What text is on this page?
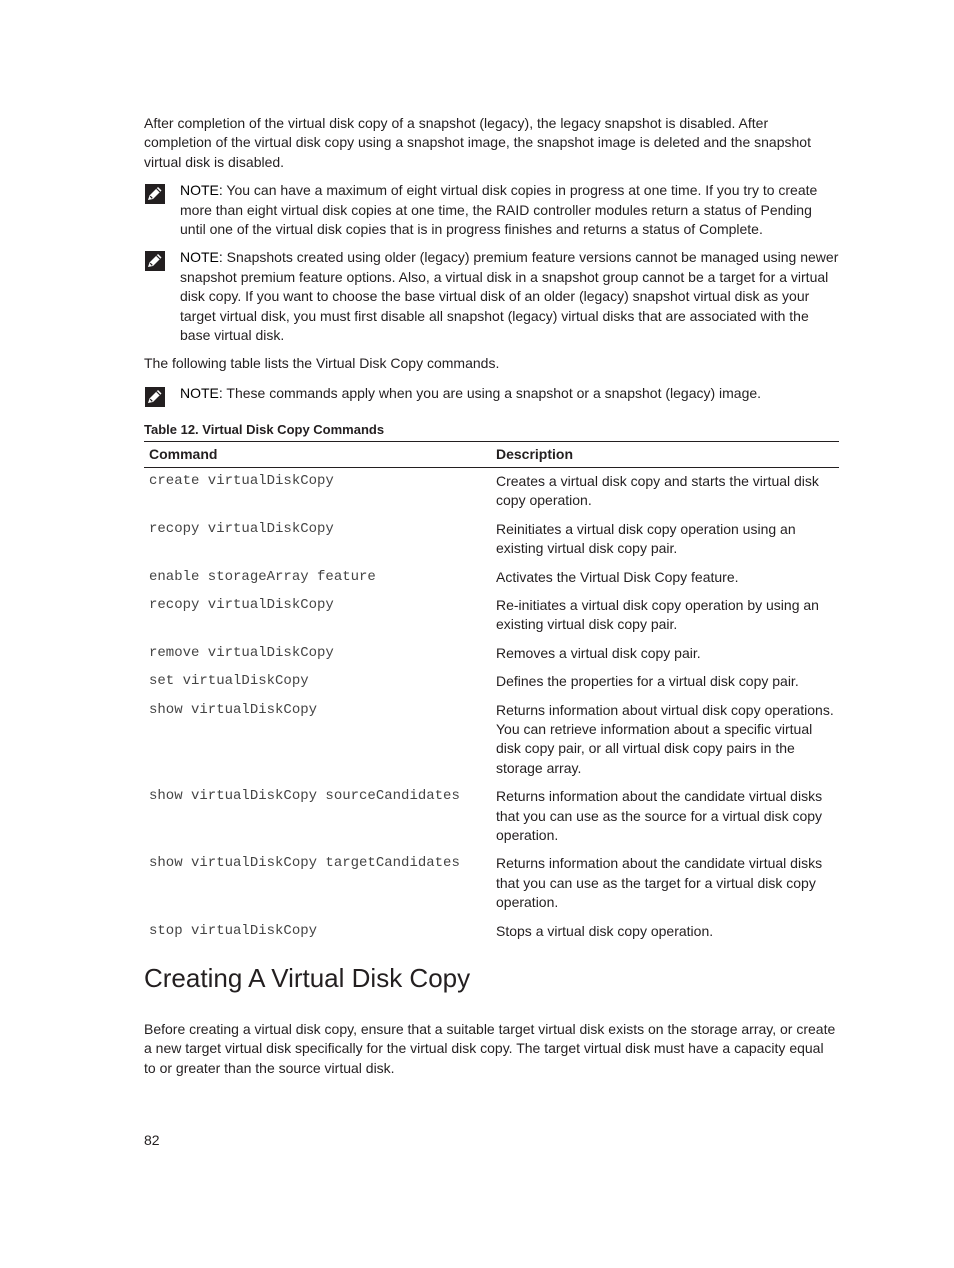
After completion of the virtual disk copy of a snapshot (legacy), the legacy snapshot is disabled. After completion of the virtual disk copy using a snapshot image, the snapshot image is deleted and the snapshot virtual disk is disabled.

NOTE: You can have a maximum of eight virtual disk copies in progress at one time. If you try to create more than eight virtual disk copies at one time, the RAID controller modules return a status of Pending until one of the virtual disk copies that is in progress finishes and returns a status of Complete.
NOTE: Snapshots created using older (legacy) premium feature versions cannot be managed using newer snapshot premium feature options. Also, a virtual disk in a snapshot group cannot be a target for a virtual disk copy. If you want to choose the base virtual disk of an older (legacy) snapshot virtual disk as your target virtual disk, you must first disable all snapshot (legacy) virtual disks that are associated with the base virtual disk.

The following table lists the Virtual Disk Copy commands.

NOTE: These commands apply when you are using a snapshot or a snapshot (legacy) image.
Table 12. Virtual Disk Copy Commands
Command	Description
create virtualDiskCopy	Creates a virtual disk copy and starts the virtual disk copy operation.
recopy virtualDiskCopy	Reinitiates a virtual disk copy operation using an existing virtual disk copy pair.
enable storageArray feature	Activates the Virtual Disk Copy feature.
recopy virtualDiskCopy	Re-initiates a virtual disk copy operation by using an existing virtual disk copy pair.
remove virtualDiskCopy	Removes a virtual disk copy pair.
set virtualDiskCopy	Defines the properties for a virtual disk copy pair.
show virtualDiskCopy	Returns information about virtual disk copy operations. You can retrieve information about a specific virtual disk copy pair, or all virtual disk copy pairs in the storage array.
show virtualDiskCopy sourceCandidates	Returns information about the candidate virtual disks that you can use as the source for a virtual disk copy operation.
show virtualDiskCopy targetCandidates	Returns information about the candidate virtual disks that you can use as the target for a virtual disk copy operation.
stop virtualDiskCopy	Stops a virtual disk copy operation.
Creating A Virtual Disk Copy

Before creating a virtual disk copy, ensure that a suitable target virtual disk exists on the storage array, or create a new target virtual disk specifically for the virtual disk copy. The target virtual disk must have a capacity equal to or greater than the source virtual disk.

82
